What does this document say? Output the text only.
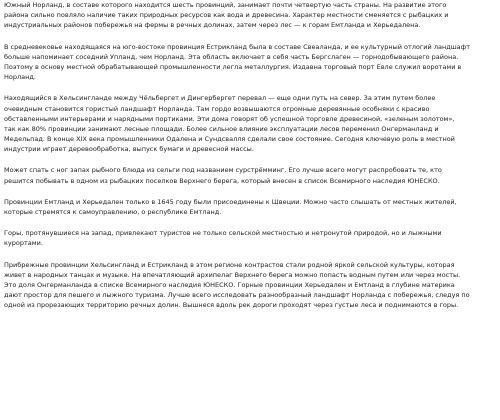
Южный Норланд, в составе которого находится шесть провинций, занимает почти четвертую часть страны. На развитие этого
района сильно повляло наличие таких природных ресурсов как вода и древесина. Характер местности сменяется с рыбацких и
индустриальных районов побережья на фермы в речных долинах, затем через лес — к горам Емтланда и Херьедалена.
В средневековье находящаяся на юго-востоке провинция Естрикланд была в составе Свеаланда, и ее культурный отлогий ландшафт
больше напоминает соседний Упланд, чем Норланд. Эта область включает в себя часть Бергслаген — горнодобывающего района.
Поэтому в основу местной обрабатывающей промышленности легла металлургия. Издавна торговый порт Евле служил воротами в
Норланд.
Находящийся в Хельсингланде между Чёльбергет и Дингербергет перевал — еще одни путь на север. За этим путем более
очевидным становится гористый ландшафт Норланда. Там гордо возвышаются огромные деревянные особняки с красиво
обставленными интерьерами и нарядными портиками. Эти дома говорят об успешной торговле древесиной, «зеленым золотом»,
так как 80% провинции занимают лесные площади. Более сильное влияние эксплуатации лесов переменил Онгерманланд и
Медельпад. В конце XIX века промышленники Одалена и Сундсвалля сделали свое состояние. Сегодня ключевую роль в местной
индустрии играет деревообработка, выпуск бумаги и древесной массы.
Может спать с ног запах рыбного блюда из сельги под названием сурстрёмминг. Его лучше всего могут распробовать те, кто
решится побывать в одном из рыбацких поселков Верхнего берега, который внесен в список Всемирного наследия ЮНЕСКО.
Провинции Емтланд и Херьедален только в 1645 году были присоединены к Швеции. Можно часто слышать от местных жителей,
которые стремятся к самоуправлению, о республике Емтланд.
Горы, протянувшиеся на запад, привлекают туристов не только сельской местностью и нетронутой природой, но и лыжными
курортами.
Прибрежные провинции Хельсингланд и Естрикланд в этом регионе контрастов стали родной яркой сельской культуры, которая
живет в народных танцах и музыке. На впечатляющий архипелаг Верхнего берега можно попасть водным путем или через мосты.
Это доля Онгерманланда в списке Всемирного наследия ЮНЕСКО. Горные провинции Херьедален и Емтланд в глубине материка
дают простор для пешего и лыжного туризма. Лучше всего исследовать разнообразный ландшафт Норланда с побережья, следуя по
одной из прорезающих территорию речных долин. Вышнеся вдоль рек дороги проходят через густые леса и поднимаются в горы.
